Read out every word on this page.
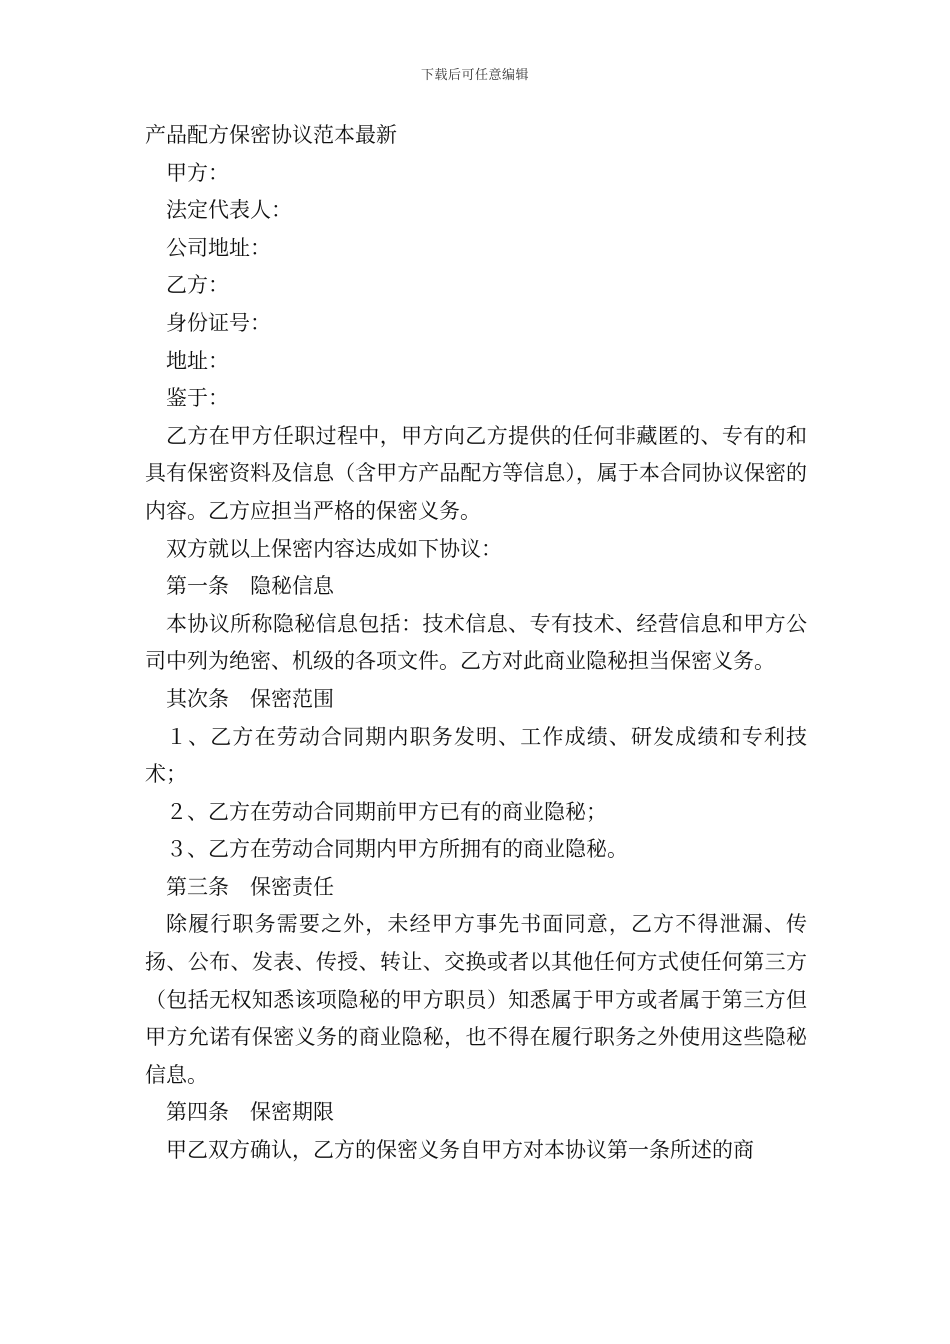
下载后可任意编辑
产品配方保密协议范本最新

甲方：

法定代表人：

公司地址：

乙方：

身份证号：

地址：

鉴于：

乙方在甲方任职过程中，甲方向乙方提供的任何非藏匿的、专有的和具有保密资料及信息（含甲方产品配方等信息），属于本合同协议保密的内容。乙方应担当严格的保密义务。

双方就以上保密内容达成如下协议：

第一条　隐秘信息

本协议所称隐秘信息包括：技术信息、专有技术、经营信息和甲方公司中列为绝密、机级的各项文件。乙方对此商业隐秘担当保密义务。

其次条　保密范围

１、乙方在劳动合同期内职务发明、工作成绩、研发成绩和专利技术；

２、乙方在劳动合同期前甲方已有的商业隐秘；

３、乙方在劳动合同期内甲方所拥有的商业隐秘。

第三条　保密责任

除履行职务需要之外，未经甲方事先书面同意，乙方不得泄漏、传扬、公布、发表、传授、转让、交换或者以其他任何方式使任何第三方（包括无权知悉该项隐秘的甲方职员）知悉属于甲方或者属于第三方但甲方允诺有保密义务的商业隐秘，也不得在履行职务之外使用这些隐秘信息。

第四条　保密期限

甲乙双方确认，乙方的保密义务自甲方对本协议第一条所述的商
